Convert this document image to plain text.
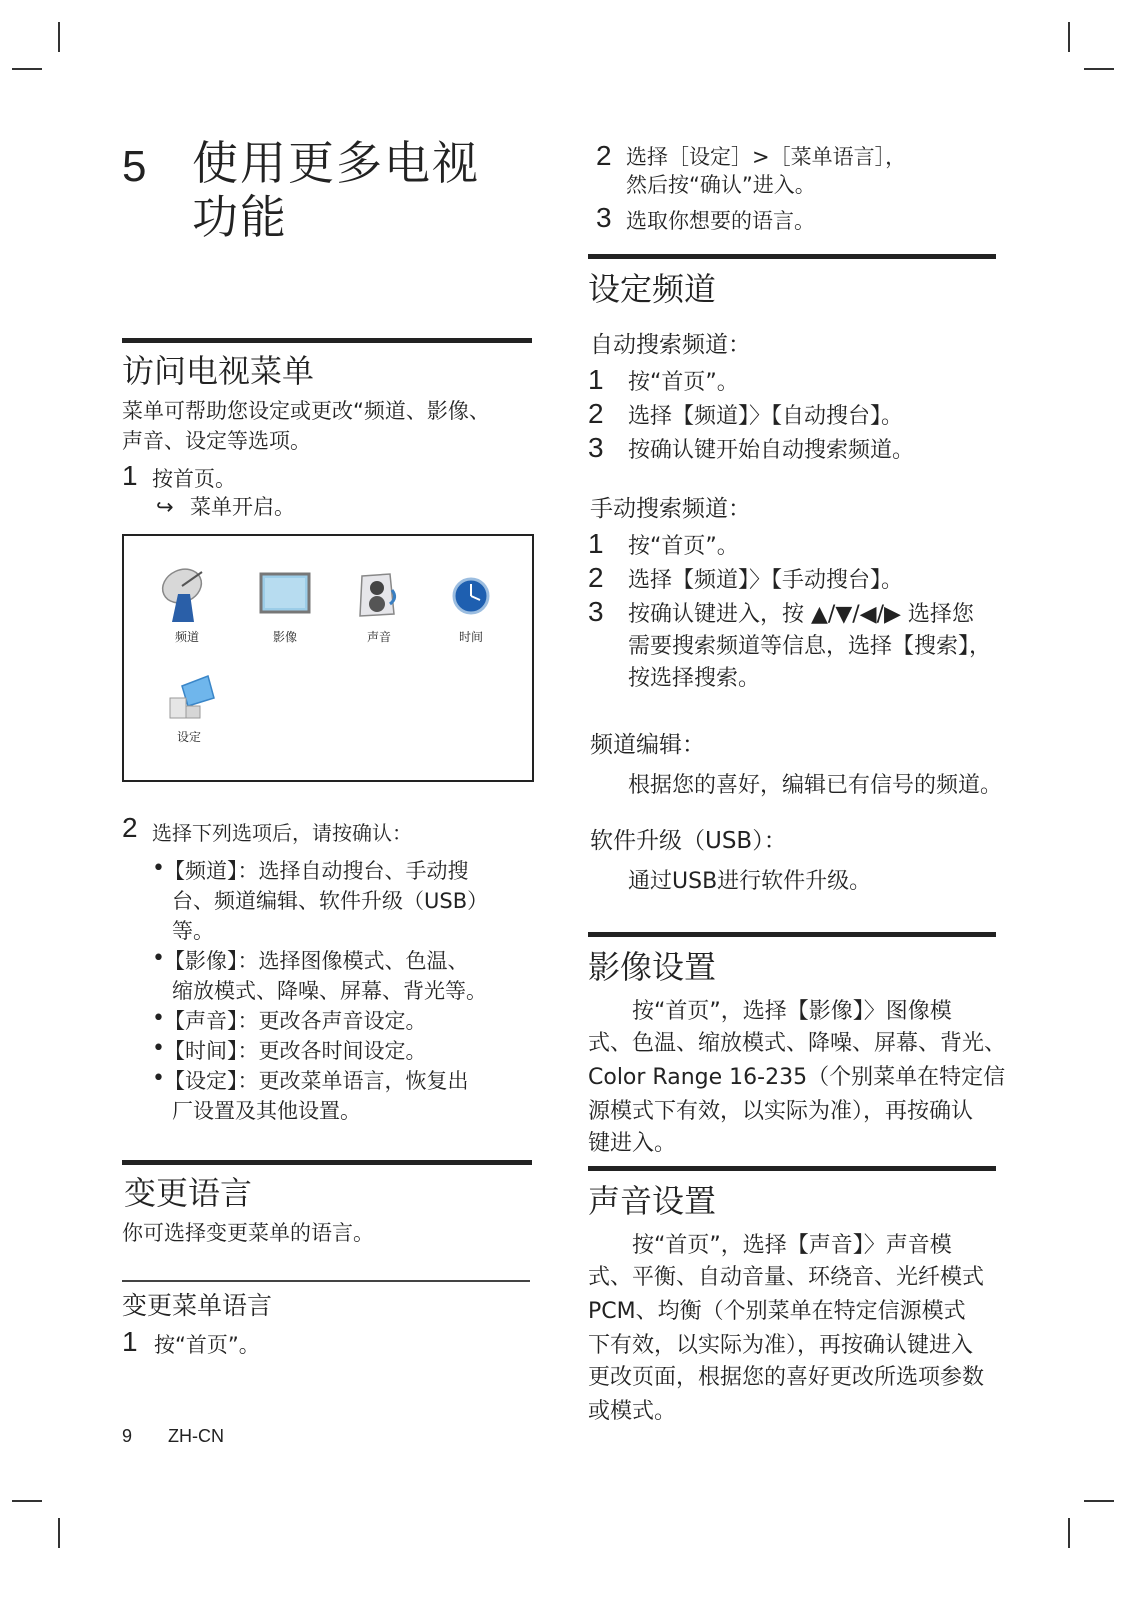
5 使用更多电视
功能
访问电视菜单
菜单可帮助您设定或更改“频道、影像、
声音、设定等选项。
1 按首页。
↪ 菜单开启。
频道	影像	声音	时间
设定
2 选择下列选项后，请按确认：
• 【频道】：选择自动搜台、手动搜
台、频道编辑、软件升级（USB）
等。
• 【影像】：选择图像模式、色温、
缩放模式、降噪、屏幕、背光等。
• 【声音】：更改各声音设定。
• 【时间】：更改各时间设定。
• 【设定】：更改菜单语言，恢复出
厂设置及其他设置。
变更语言
你可选择变更菜单的语言。
变更菜单语言
1 按“首页”。
9 ZH-CN
2 选择［设定］>［菜单语言］，
然后按“确认”进入。
3 选取你想要的语言。
设定频道
自动搜索频道：
1 按“首页”。
2 选择【频道】〉【自动搜台】。
3 按确认键开始自动搜索频道。
手动搜索频道：
1 按“首页”。
2 选择【频道】〉【手动搜台】。
3 按确认键进入，按 ▲/▼/◀/▶ 选择您
需要搜索频道等信息，选择【搜索】，
按选择搜索。
频道编辑：
根据您的喜好，编辑已有信号的频道。
软件升级（USB）：
通过USB进行软件升级。
影像设置
按“首页”，选择【影像】〉图像模
式、色温、缩放模式、降噪、屏幕、背光、
Color Range 16-235（个别菜单在特定信
源模式下有效，以实际为准），再按确认
键进入。
声音设置
按“首页”，选择【声音】〉声音模
式、平衡、自动音量、环绕音、光纤模式
PCM、均衡（个别菜单在特定信源模式
下有效，以实际为准），再按确认键进入
更改页面，根据您的喜好更改所选项参数
或模式。
